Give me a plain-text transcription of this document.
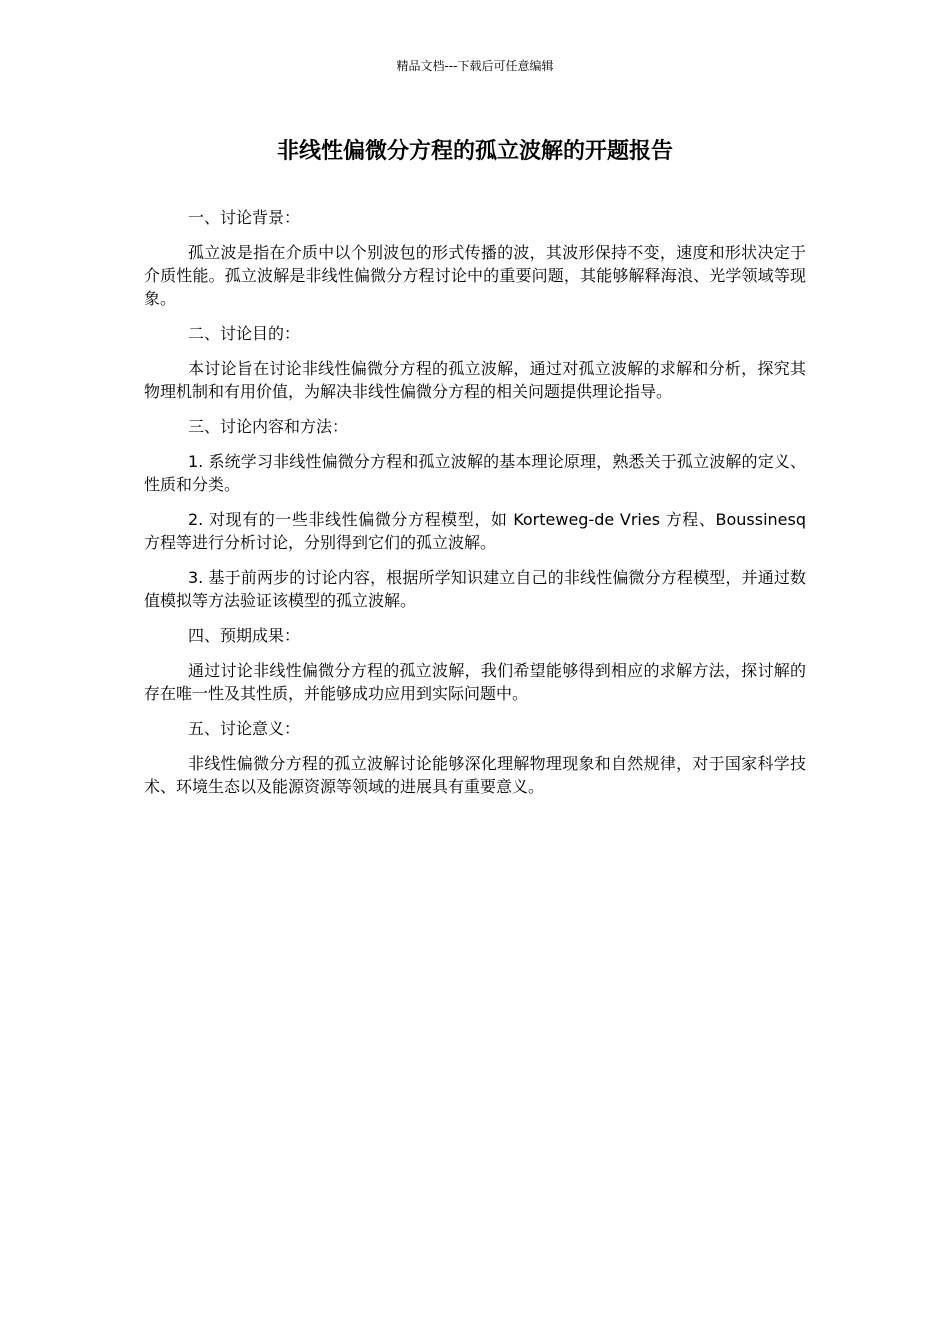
精品文档---下载后可任意编辑
非线性偏微分方程的孤立波解的开题报告

一、讨论背景：

孤立波是指在介质中以个别波包的形式传播的波，其波形保持不变，速度和形状决定于介质性能。孤立波解是非线性偏微分方程讨论中的重要问题，其能够解释海浪、光学领域等现象。

二、讨论目的：

本讨论旨在讨论非线性偏微分方程的孤立波解，通过对孤立波解的求解和分析，探究其物理机制和有用价值，为解决非线性偏微分方程的相关问题提供理论指导。

三、讨论内容和方法：

1. 系统学习非线性偏微分方程和孤立波解的基本理论原理，熟悉关于孤立波解的定义、性质和分类。

2. 对现有的一些非线性偏微分方程模型，如 Korteweg-de Vries 方程、Boussinesq 方程等进行分析讨论，分别得到它们的孤立波解。

3. 基于前两步的讨论内容，根据所学知识建立自己的非线性偏微分方程模型，并通过数值模拟等方法验证该模型的孤立波解。

四、预期成果：

通过讨论非线性偏微分方程的孤立波解，我们希望能够得到相应的求解方法，探讨解的存在唯一性及其性质，并能够成功应用到实际问题中。

五、讨论意义：

非线性偏微分方程的孤立波解讨论能够深化理解物理现象和自然规律，对于国家科学技术、环境生态以及能源资源等领域的进展具有重要意义。
